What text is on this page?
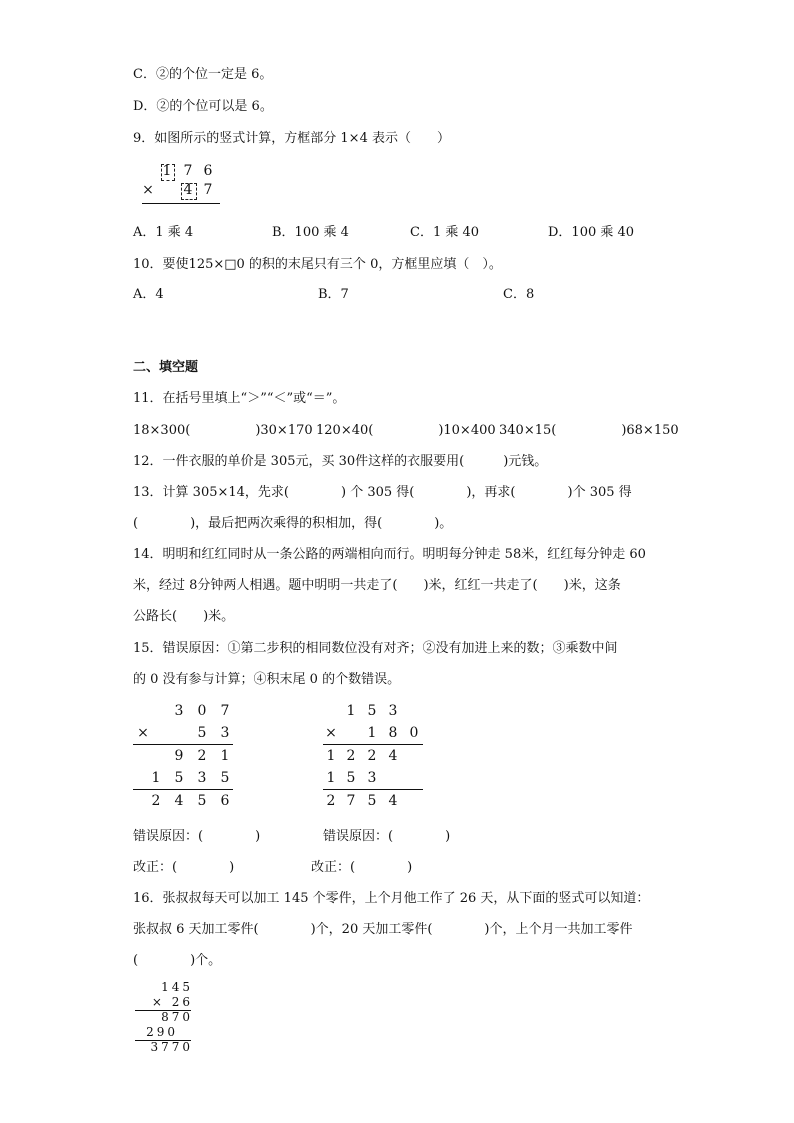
C．②的个位一定是 6。
D．②的个位可以是 6。
9．如图所示的竖式计算，方框部分 1×4 表示（　　）
1 7 6
× 4 7
A．1 乘 4	B．100 乘 4	C．1 乘 40	D．100 乘 40
10．要使125×□0 的积的末尾只有三个 0，方框里应填（　）。
A．4	B．7	C．8
二、填空题
11．在括号里填上“＞”“＜”或“＝”。
18×300(　　　　　)30×170 120×40(　　　　　)10×400 340×15(　　　　　)68×150
12．一件衣服的单价是 305元，买 30件这样的衣服要用(　　　)元钱。
13．计算 305×14，先求(　　　　) 个 305 得(　　　　)，再求(　　　　)个 305 得
(　　　　)，最后把两次乘得的积相加，得(　　　　)。
14．明明和红红同时从一条公路的两端相向而行。明明每分钟走 58米，红红每分钟走 60
米，经过 8分钟两人相遇。题中明明一共走了(　　)米，红红一共走了(　　)米，这条
公路长(　　)米。
15．错误原因：①第二步积的相同数位没有对齐；②没有加进上来的数；③乘数中间
的 0 没有参与计算；④积末尾 0 的个数错误。
3 0 7
×	5 3
9 2 1
1 5 3 5
2 4 5 6
1 5 3
× 1 8 0
1 2 2 4
1 5 3
2 7 5 4
错误原因：(　　　　)	错误原因：(　　　　)
改正：(　　　　)	改正：(　　　　)
16．张叔叔每天可以加工 145 个零件，上个月他工作了 26 天，从下面的竖式可以知道：
张叔叔 6 天加工零件(　　　　)个，20 天加工零件(　　　　)个，上个月一共加工零件
(　　　　)个。
145
× 26
870
290
3770
